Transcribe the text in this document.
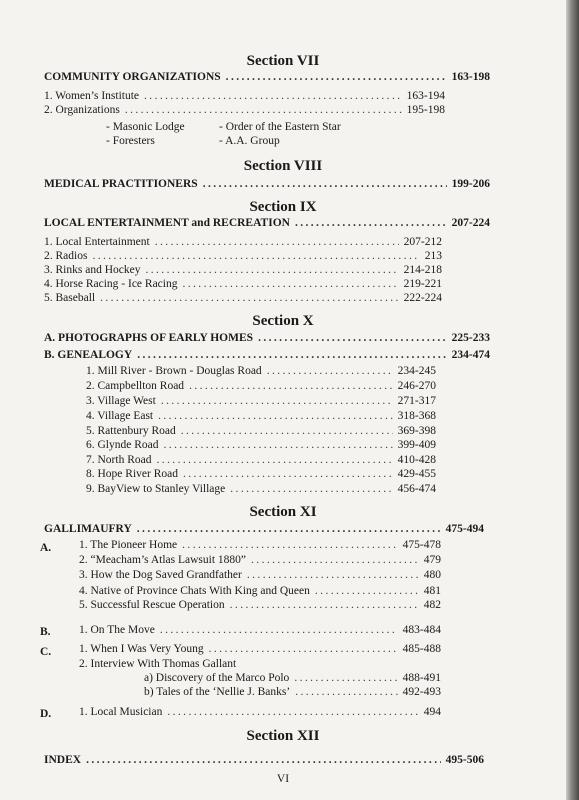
Section VII
COMMUNITY ORGANIZATIONS .....	163-198
1. Women’s Institute .....	163-194
2. Organizations .....	195-198
- Masonic Lodge	- Order of the Eastern Star
- Foresters	- A.A. Group
Section VIII
MEDICAL PRACTITIONERS .....	199-206
Section IX
LOCAL ENTERTAINMENT and RECREATION .....	207-224
1. Local Entertainment .....	207-212
2. Radios .....	213
3. Rinks and Hockey .....	214-218
4. Horse Racing - Ice Racing .....	219-221
5. Baseball .....	222-224
Section X
A. PHOTOGRAPHS OF EARLY HOMES .....	225-233
B. GENEALOGY .....	234-474
1. Mill River - Brown - Douglas Road .....	234-245
2. Campbellton Road .....	246-270
3. Village West .....	271-317
4. Village East .....	318-368
5. Rattenbury Road .....	369-398
6. Glynde Road .....	399-409
7. North Road .....	410-428
8. Hope River Road .....	429-455
9. BayView to Stanley Village .....	456-474
Section XI
GALLIMAUFRY .....	475-494
A. 1. The Pioneer Home .....	475-478
2. “Meacham’s Atlas Lawsuit 1880” .....	479
3. How the Dog Saved Grandfather .....	480
4. Native of Province Chats With King and Queen .....	481
5. Successful Rescue Operation .....	482
B. 1. On The Move .....	483-484
C. 1. When I Was Very Young .....	485-488
2. Interview With Thomas Gallant
a) Discovery of the Marco Polo .....	488-491
b) Tales of the ‘Nellie J. Banks’ .....	492-493
D. 1. Local Musician .....	494
Section XII
INDEX .....	495-506
VI
